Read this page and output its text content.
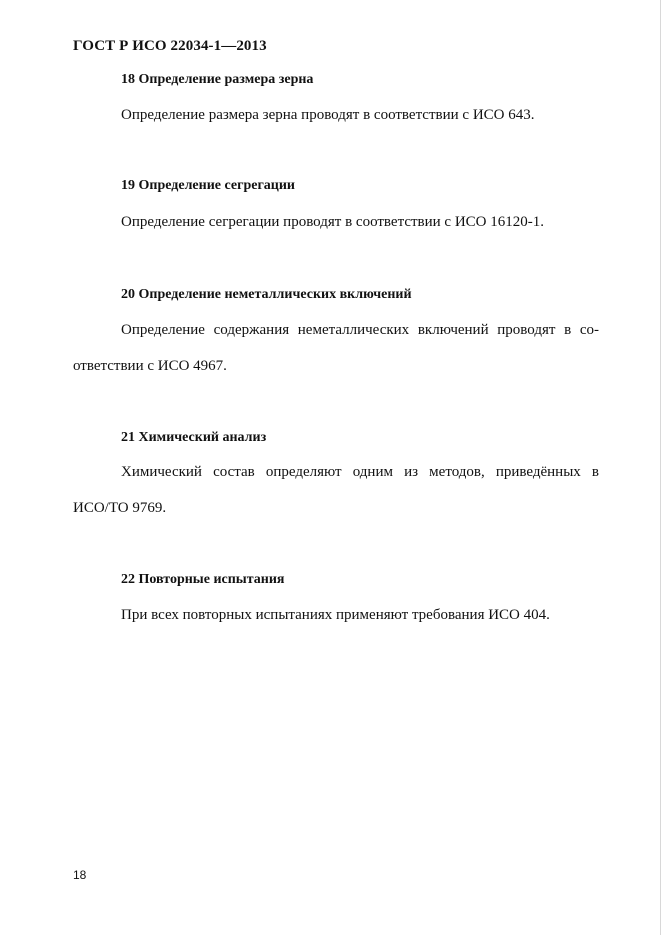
ГОСТ Р ИСО 22034-1—2013
18 Определение размера зерна
Определение размера зерна проводят в соответствии с ИСО 643.
19 Определение сегрегации
Определение сегрегации проводят в соответствии с ИСО 16120-1.
20 Определение неметаллических включений
Определение содержания неметаллических включений проводят в со-
ответствии с ИСО 4967.
21 Химический анализ
Химический состав определяют одним из методов, приведённых в
ИСО/ТО 9769.
22 Повторные испытания
При всех повторных испытаниях применяют требования ИСО 404.
18
